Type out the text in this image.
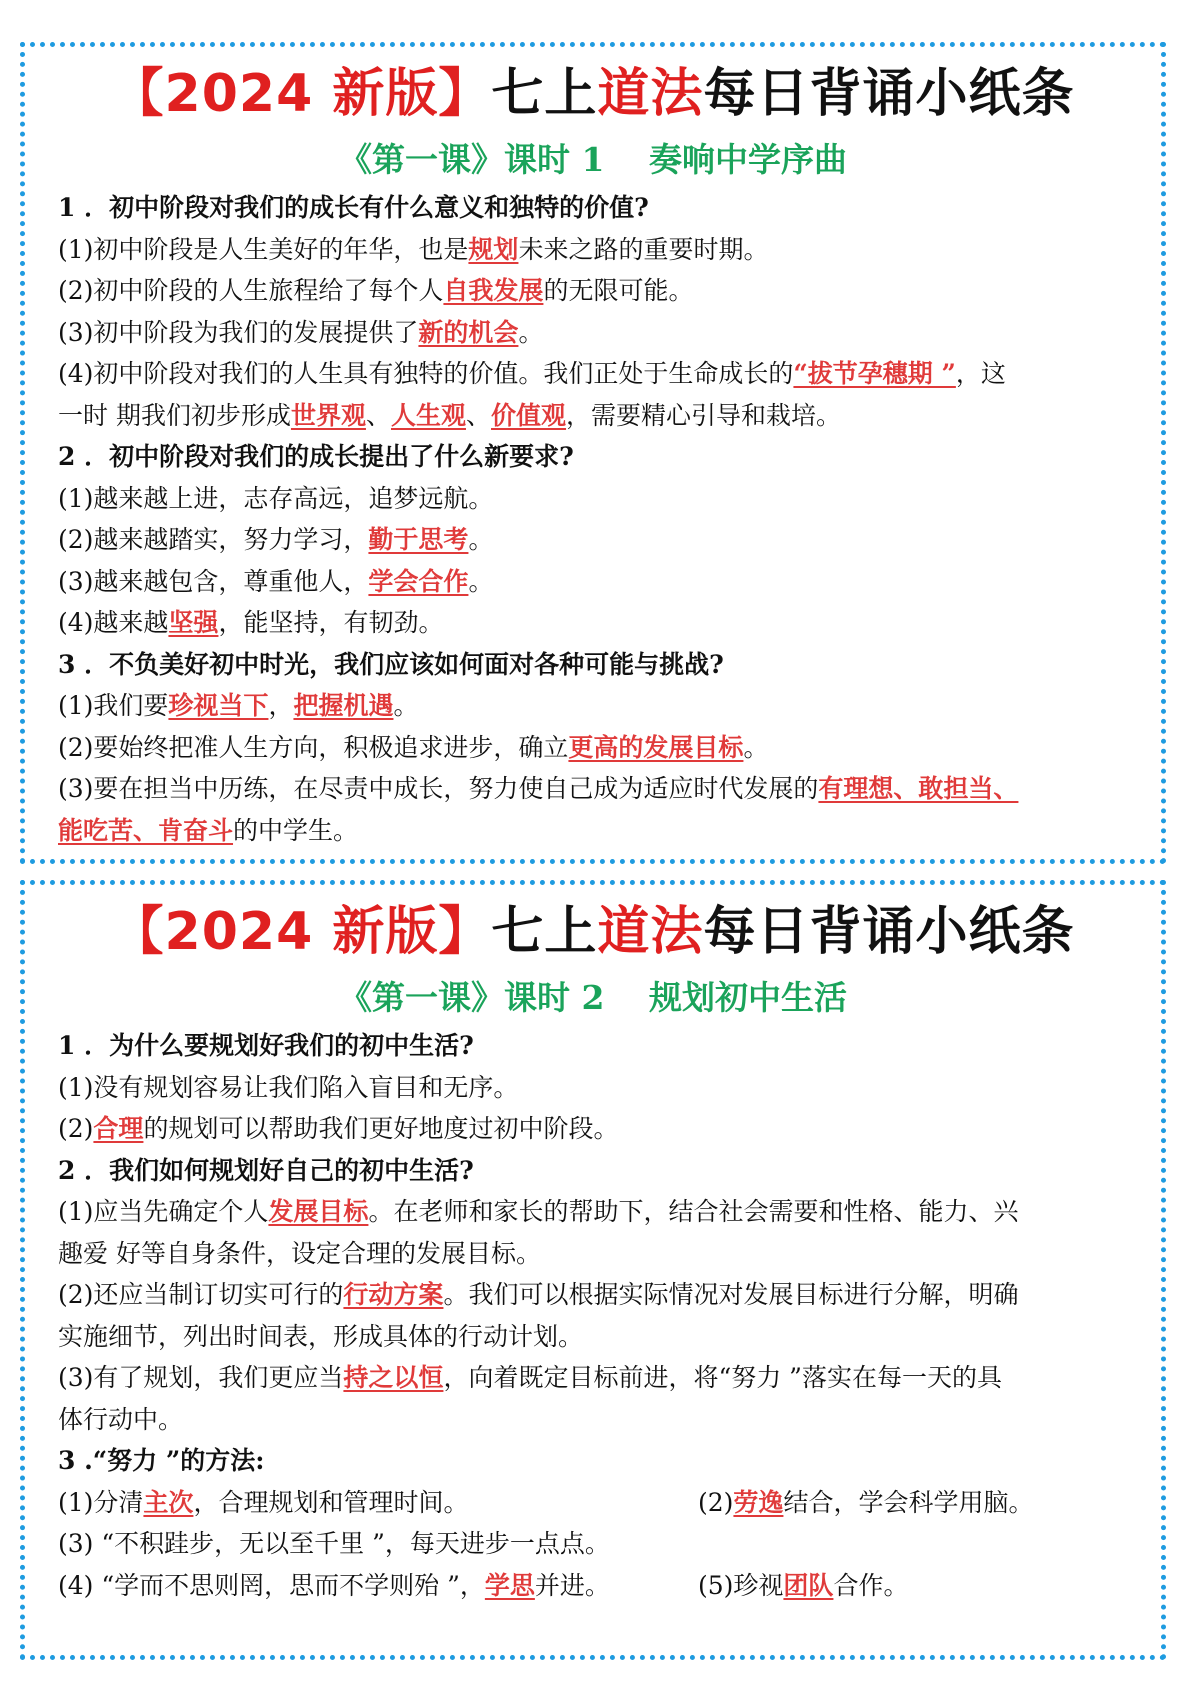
【2024 新版】七上道法每日背诵小纸条
《第一课》课时 1　 奏响中学序曲
1 ．初中阶段对我们的成长有什么意义和独特的价值?
(1)初中阶段是人生美好的年华，也是规划未来之路的重要时期。
(2)初中阶段的人生旅程给了每个人自我发展的无限可能。
(3)初中阶段为我们的发展提供了新的机会。
(4)初中阶段对我们的人生具有独特的价值。我们正处于生命成长的“拔节孕穗期 ”，这
一时 期我们初步形成世界观、人生观、价值观，需要精心引导和栽培。
2 ．初中阶段对我们的成长提出了什么新要求?
(1)越来越上进，志存高远，追梦远航。
(2)越来越踏实，努力学习，勤于思考。
(3)越来越包含，尊重他人，学会合作。
(4)越来越坚强，能坚持，有韧劲。
3 ．不负美好初中时光，我们应该如何面对各种可能与挑战?
(1)我们要珍视当下，把握机遇。
(2)要始终把准人生方向，积极追求进步，确立更高的发展目标。
(3)要在担当中历练，在尽责中成长，努力使自己成为适应时代发展的有理想、敢担当、
能吃苦、肯奋斗的中学生。
【2024 新版】七上道法每日背诵小纸条
《第一课》课时 2　 规划初中生活
1 ．为什么要规划好我们的初中生活?
(1)没有规划容易让我们陷入盲目和无序。
(2)合理的规划可以帮助我们更好地度过初中阶段。
2 ．我们如何规划好自己的初中生活?
(1)应当先确定个人发展目标。在老师和家长的帮助下，结合社会需要和性格、能力、兴
趣爱 好等自身条件，设定合理的发展目标。
(2)还应当制订切实可行的行动方案。我们可以根据实际情况对发展目标进行分解，明确
实施细节，列出时间表，形成具体的行动计划。
(3)有了规划，我们更应当持之以恒，向着既定目标前进，将“努力 ”落实在每一天的具
体行动中。
3 .“努力 ”的方法:
(1)分清主次，合理规划和管理时间。	(2)劳逸结合，学会科学用脑。
(3) “不积跬步，无以至千里 ”，每天进步一点点。
(4) “学而不思则罔，思而不学则殆 ”，学思并进。	(5)珍视团队合作。
